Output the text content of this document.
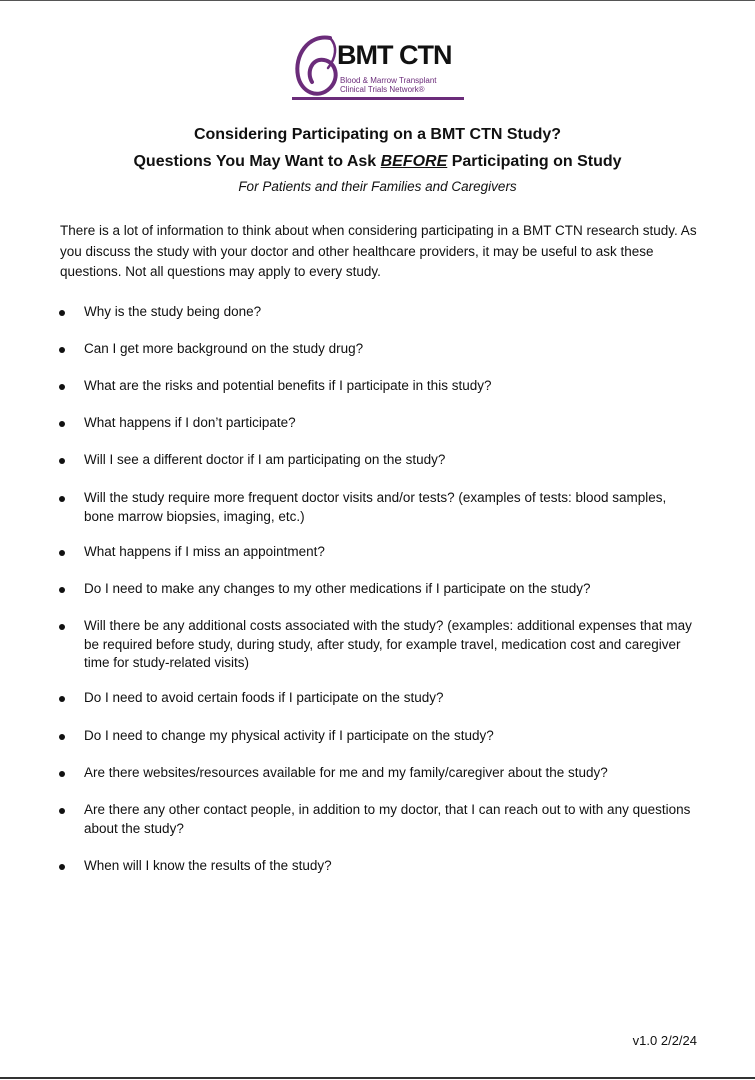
BMT CTN
Blood & Marrow Transplant
Clinical Trials Network®
Considering Participating on a BMT CTN Study?
Questions You May Want to Ask BEFORE Participating on Study
For Patients and their Families and Caregivers

There is a lot of information to think about when considering participating in a BMT CTN research study. As you discuss the study with your doctor and other healthcare providers, it may be useful to ask these questions. Not all questions may apply to every study.

Why is the study being done?
Can I get more background on the study drug?
What are the risks and potential benefits if I participate in this study?
What happens if I don’t participate?
Will I see a different doctor if I am participating on the study?
Will the study require more frequent doctor visits and/or tests? (examples of tests: blood samples, bone marrow biopsies, imaging, etc.)
What happens if I miss an appointment?
Do I need to make any changes to my other medications if I participate on the study?
Will there be any additional costs associated with the study? (examples: additional expenses that may be required before study, during study, after study, for example travel, medication cost and caregiver time for study-related visits)
Do I need to avoid certain foods if I participate on the study?
Do I need to change my physical activity if I participate on the study?
Are there websites/resources available for me and my family/caregiver about the study?
Are there any other contact people, in addition to my doctor, that I can reach out to with any questions about the study?
When will I know the results of the study?
v1.0 2/2/24
